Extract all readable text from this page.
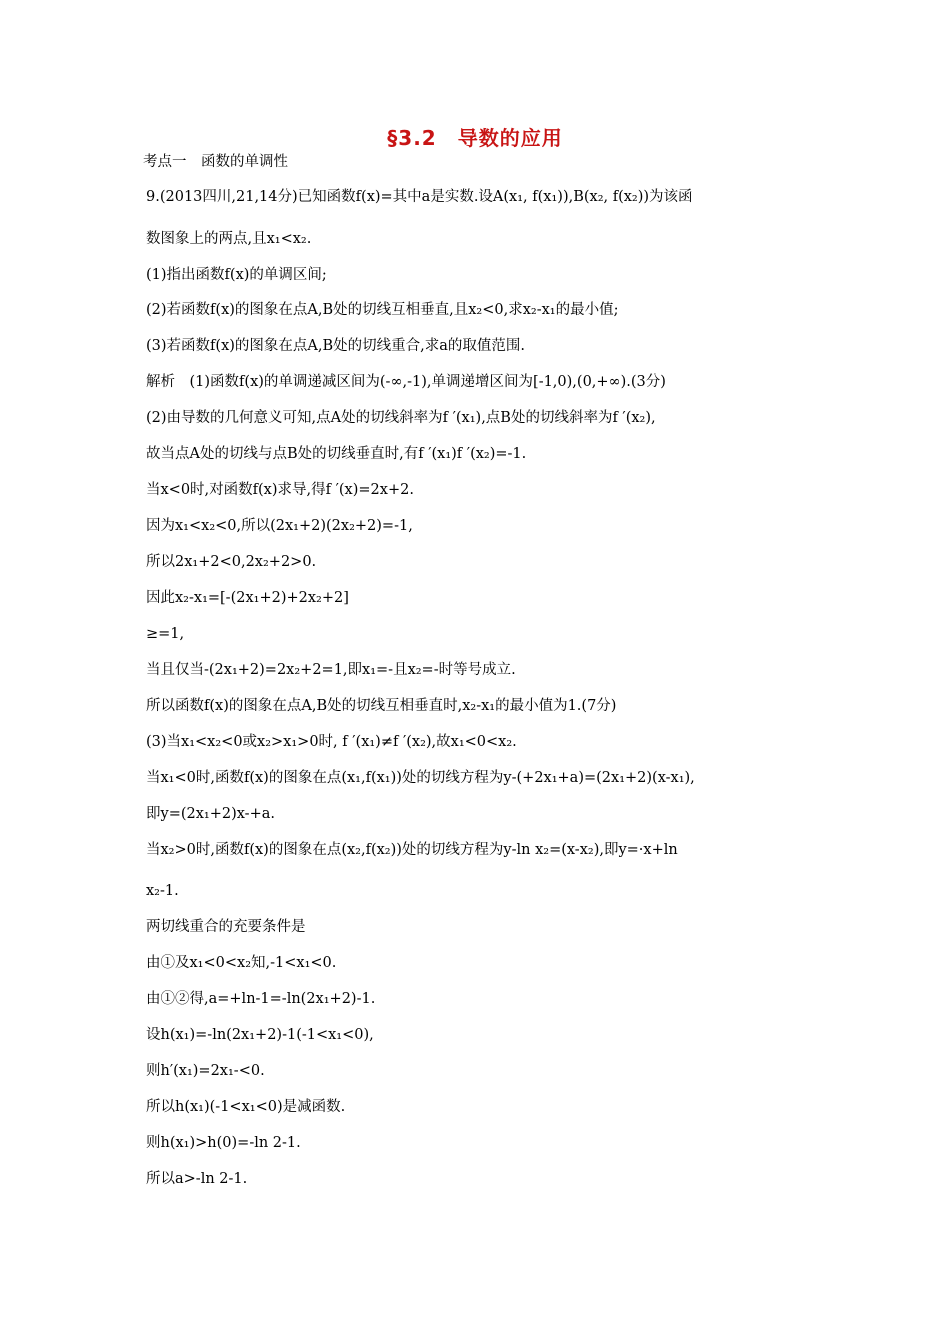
§3.2　导数的应用
考点一　函数的单调性
9.(2013四川,21,14分)已知函数f(x)=其中a是实数.设A(x₁, f(x₁)),B(x₂, f(x₂))为该函
数图象上的两点,且x₁<x₂.
(1)指出函数f(x)的单调区间;
(2)若函数f(x)的图象在点A,B处的切线互相垂直,且x₂<0,求x₂-x₁的最小值;
(3)若函数f(x)的图象在点A,B处的切线重合,求a的取值范围.
解析　(1)函数f(x)的单调递减区间为(-∞,-1),单调递增区间为[-1,0),(0,+∞).(3分)
(2)由导数的几何意义可知,点A处的切线斜率为f ′(x₁),点B处的切线斜率为f ′(x₂),
故当点A处的切线与点B处的切线垂直时,有f ′(x₁)f ′(x₂)=-1.
当x<0时,对函数f(x)求导,得f ′(x)=2x+2.
因为x₁<x₂<0,所以(2x₁+2)(2x₂+2)=-1,
所以2x₁+2<0,2x₂+2>0.
因此x₂-x₁=[-(2x₁+2)+2x₂+2]
≥=1,
当且仅当-(2x₁+2)=2x₂+2=1,即x₁=-且x₂=-时等号成立.
所以函数f(x)的图象在点A,B处的切线互相垂直时,x₂-x₁的最小值为1.(7分)
(3)当x₁<x₂<0或x₂>x₁>0时, f ′(x₁)≠f ′(x₂),故x₁<0<x₂.
当x₁<0时,函数f(x)的图象在点(x₁,f(x₁))处的切线方程为y-(+2x₁+a)=(2x₁+2)(x-x₁),
即y=(2x₁+2)x-+a.
当x₂>0时,函数f(x)的图象在点(x₂,f(x₂))处的切线方程为y-ln x₂=(x-x₂),即y=·x+ln
x₂-1.
两切线重合的充要条件是
由①及x₁<0<x₂知,-1<x₁<0.
由①②得,a=+ln-1=-ln(2x₁+2)-1.
设h(x₁)=-ln(2x₁+2)-1(-1<x₁<0),
则h′(x₁)=2x₁-<0.
所以h(x₁)(-1<x₁<0)是减函数.
则h(x₁)>h(0)=-ln 2-1.
所以a>-ln 2-1.
